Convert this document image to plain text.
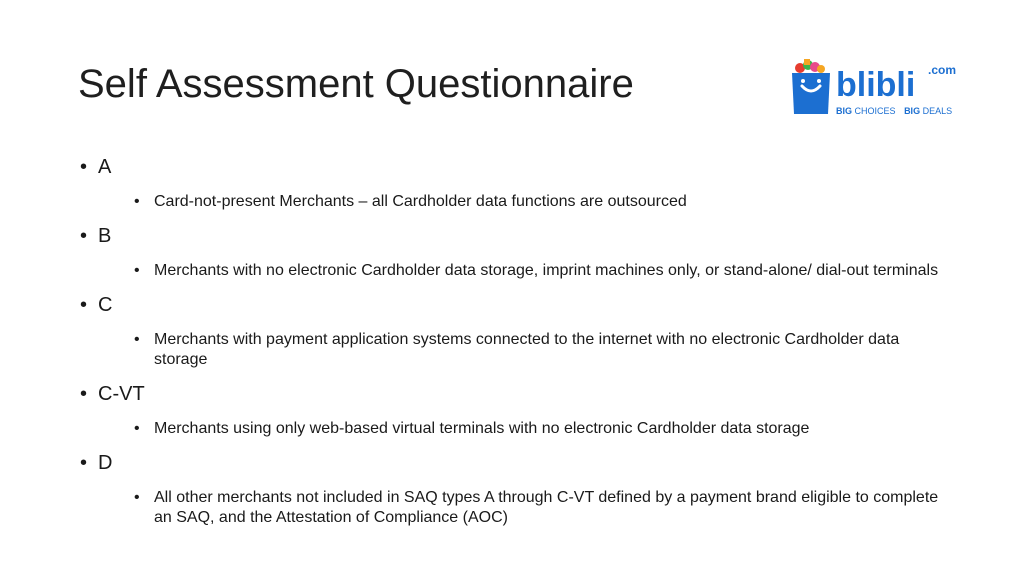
Self Assessment Questionnaire	blibli .com
BIG CHOICES BIG DEALS
• A
• Card-not-present Merchants – all Cardholder data functions are outsourced
• B
• Merchants with no electronic Cardholder data storage, imprint machines only, or stand-alone/ dial-out terminals
• C
• Merchants with payment application systems connected to the internet with no electronic Cardholder data storage
• C-VT
• Merchants using only web-based virtual terminals with no electronic Cardholder data storage
• D
• All other merchants not included in SAQ types A through C-VT defined by a payment brand eligible to complete an SAQ, and the Attestation of Compliance (AOC)
